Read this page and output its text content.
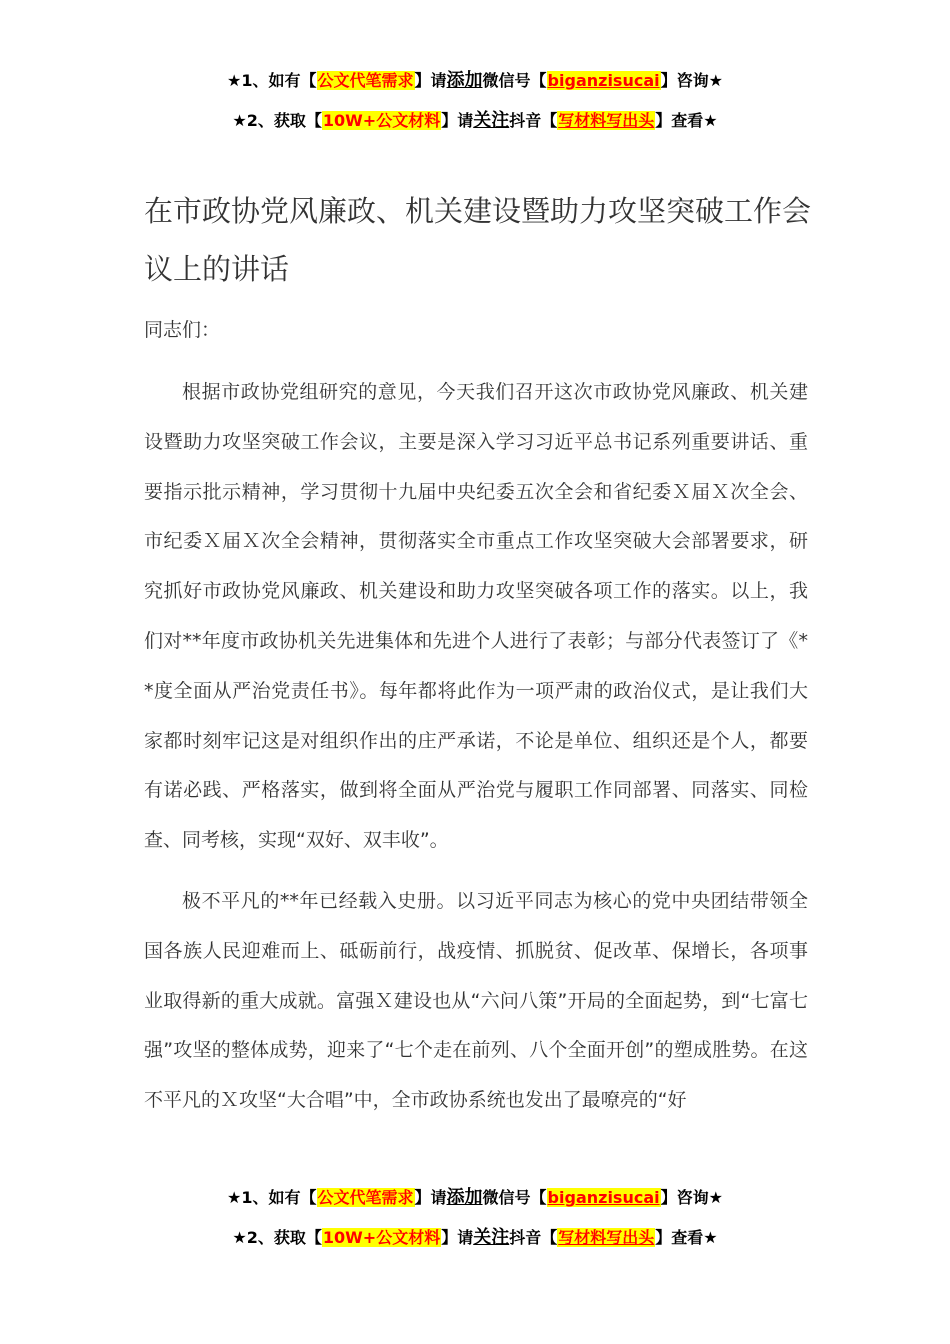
★1、如有【公文代笔需求】请添加微信号【biganzisucai】咨询★
★2、获取【10W+公文材料】请关注抖音【写材料写出头】查看★
在市政协党风廉政、机关建设暨助力攻坚突破工作会议上的讲话

同志们：

根据市政协党组研究的意见，今天我们召开这次市政协党风廉政、机关建设暨助力攻坚突破工作会议，主要是深入学习习近平总书记系列重要讲话、重要指示批示精神，学习贯彻十九届中央纪委五次全会和省纪委Ｘ届Ｘ次全会、市纪委Ｘ届Ｘ次全会精神，贯彻落实全市重点工作攻坚突破大会部署要求，研究抓好市政协党风廉政、机关建设和助力攻坚突破各项工作的落实。以上，我们对**年度市政协机关先进集体和先进个人进行了表彰；与部分代表签订了《**度全面从严治党责任书》。每年都将此作为一项严肃的政治仪式，是让我们大家都时刻牢记这是对组织作出的庄严承诺，不论是单位、组织还是个人，都要有诺必践、严格落实，做到将全面从严治党与履职工作同部署、同落实、同检查、同考核，实现“双好、双丰收”。

极不平凡的**年已经载入史册。以习近平同志为核心的党中央团结带领全国各族人民迎难而上、砥砺前行，战疫情、抓脱贫、促改革、保增长，各项事业取得新的重大成就。富强Ｘ建设也从“六问八策”开局的全面起势，到“七富七强”攻坚的整体成势，迎来了“七个走在前列、八个全面开创”的塑成胜势。在这不平凡的Ｘ攻坚“大合唱”中，全市政协系统也发出了最嘹亮的“好

★1、如有【公文代笔需求】请添加微信号【biganzisucai】咨询★
★2、获取【10W+公文材料】请关注抖音【写材料写出头】查看★
